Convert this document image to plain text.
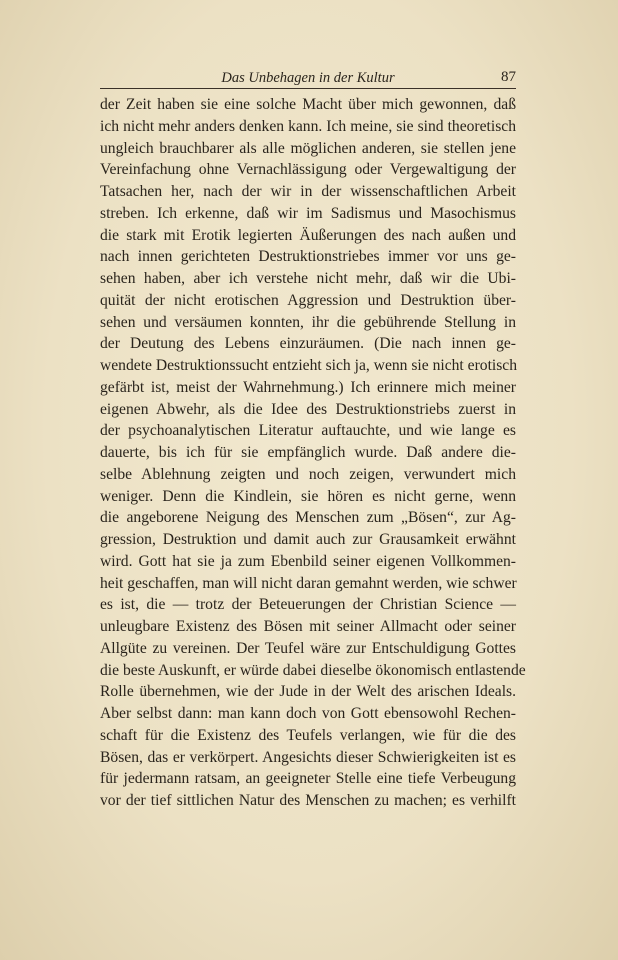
Das Unbehagen in der Kultur	87
der Zeit haben sie eine solche Macht über mich gewonnen, daß
ich nicht mehr anders denken kann. Ich meine, sie sind theoretisch
ungleich brauchbarer als alle möglichen anderen, sie stellen jene
Vereinfachung ohne Vernachlässigung oder Vergewaltigung der
Tatsachen her, nach der wir in der wissenschaftlichen Arbeit
streben. Ich erkenne, daß wir im Sadismus und Masochismus
die stark mit Erotik legierten Äußerungen des nach außen und
nach innen gerichteten Destruktionstriebes immer vor uns ge-
sehen haben, aber ich verstehe nicht mehr, daß wir die Ubi-
quität der nicht erotischen Aggression und Destruktion über-
sehen und versäumen konnten, ihr die gebührende Stellung in
der Deutung des Lebens einzuräumen. (Die nach innen ge-
wendete Destruktionssucht entzieht sich ja, wenn sie nicht erotisch
gefärbt ist, meist der Wahrnehmung.) Ich erinnere mich meiner
eigenen Abwehr, als die Idee des Destruktionstriebs zuerst in
der psychoanalytischen Literatur auftauchte, und wie lange es
dauerte, bis ich für sie empfänglich wurde. Daß andere die-
selbe Ablehnung zeigten und noch zeigen, verwundert mich
weniger. Denn die Kindlein, sie hören es nicht gerne, wenn
die angeborene Neigung des Menschen zum „Bösen“, zur Ag-
gression, Destruktion und damit auch zur Grausamkeit erwähnt
wird. Gott hat sie ja zum Ebenbild seiner eigenen Vollkommen-
heit geschaffen, man will nicht daran gemahnt werden, wie schwer
es ist, die — trotz der Beteuerungen der Christian Science —
unleugbare Existenz des Bösen mit seiner Allmacht oder seiner
Allgüte zu vereinen. Der Teufel wäre zur Entschuldigung Gottes
die beste Auskunft, er würde dabei dieselbe ökonomisch entlastende
Rolle übernehmen, wie der Jude in der Welt des arischen Ideals.
Aber selbst dann: man kann doch von Gott ebensowohl Rechen-
schaft für die Existenz des Teufels verlangen, wie für die des
Bösen, das er verkörpert. Angesichts dieser Schwierigkeiten ist es
für jedermann ratsam, an geeigneter Stelle eine tiefe Verbeugung
vor der tief sittlichen Natur des Menschen zu machen; es verhilft
